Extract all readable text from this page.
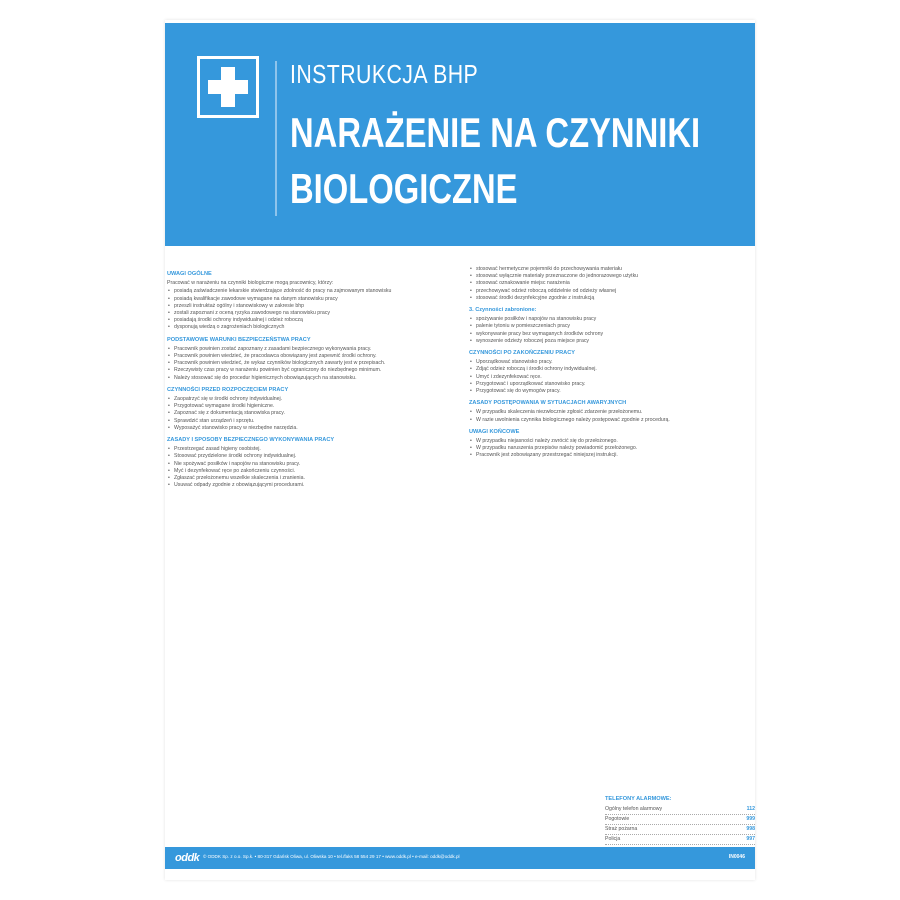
INSTRUKCJA BHP
NARAŻENIE NA CZYNNIKI
BIOLOGICZNE
UWAGI OGÓLNE
Pracować w narażeniu na czynniki biologiczne mogą pracownicy, którzy:
• posiadą zaświadczenie lekarskie stwierdzające zdolność do pracy na zajmowanym stanowisku
• posiadą kwalifikacje zawodowe wymagane na danym stanowisku pracy
• przeszli instruktaż ogólny i stanowiskowy w zakresie bhp
• zostali zapoznani z oceną ryzyka zawodowego na stanowisku pracy
• posiadają środki ochrony indywidualnej i odzież roboczą
• dysponują wiedzą o zagrożeniach biologicznych
PODSTAWOWE WARUNKI BEZPIECZEŃSTWA PRACY
• Pracownik powinien zostać zapoznany z zasadami bezpiecznego wykonywania pracy.
• Pracownik powinien wiedzieć, że pracodawca obowiązany jest zapewnić środki ochrony.
• Pracownik powinien wiedzieć, że wykaz czynników biologicznych zawarty jest w przepisach.
• Rzeczywisty czas pracy w narażeniu powinien być ograniczony do niezbędnego minimum.
• Należy stosować się do procedur higienicznych obowiązujących na stanowisku.
CZYNNOŚCI PRZED ROZPOCZĘCIEM PRACY
• Zaopatrzyć się w środki ochrony indywidualnej.
• Przygotować wymagane środki higieniczne.
• Zapoznać się z dokumentacją stanowiska pracy.
• Sprawdzić stan urządzeń i sprzętu.
• Wyposażyć stanowisko pracy w niezbędne narzędzia.
ZASADY I SPOSOBY BEZPIECZNEGO WYKONYWANIA PRACY
• Przestrzegać zasad higieny osobistej.
• Stosować przydzielone środki ochrony indywidualnej.
• Nie spożywać posiłków i napojów na stanowisku pracy.
• Myć i dezynfekować ręce po zakończeniu czynności.
• Zgłaszać przełożonemu wszelkie skaleczenia i zranienia.
• Usuwać odpady zgodnie z obowiązującymi procedurami.
• stosować hermetyczne pojemniki do przechowywania materiału
• stosować wyłącznie materiały przeznaczone do jednorazowego użytku
• stosować oznakowanie miejsc narażenia
• przechowywać odzież roboczą oddzielnie od odzieży własnej
• stosować środki dezynfekcyjne zgodnie z instrukcją
3. Czynności zabronione:
• spożywanie posiłków i napojów na stanowisku pracy
• palenie tytoniu w pomieszczeniach pracy
• wykonywanie pracy bez wymaganych środków ochrony
• wynoszenie odzieży roboczej poza miejsce pracy
CZYNNOŚCI PO ZAKOŃCZENIU PRACY
• Uporządkować stanowisko pracy.
• Zdjąć odzież roboczą i środki ochrony indywidualnej.
• Umyć i zdezynfekować ręce.
• Przygotować i uporządkować stanowisko pracy.
• Przygotować się do wymogów pracy.
ZASADY POSTĘPOWANIA W SYTUACJACH AWARYJNYCH
• W przypadku skaleczenia niezwłocznie zgłosić zdarzenie przełożonemu.
• W razie uwolnienia czynnika biologicznego należy postępować zgodnie z procedurą.
UWAGI KOŃCOWE
• W przypadku niejasności należy zwrócić się do przełożonego.
• W przypadku naruszenia przepisów należy powiadomić przełożonego.
• Pracownik jest zobowiązany przestrzegać niniejszej instrukcji.
TELEFONY ALARMOWE:
Ogólny telefon alarmowy	112
Pogotowie	999
Straż pożarna	998
Policja	997
oddk © ODDK Sp. z o.o. Sp.k. • 80-317 Gdańsk Oliwa, ul. Oliwska 10 • tel./faks 58 554 29 17 • www.oddk.pl • e-mail: oddk@oddk.pl	IN0046
